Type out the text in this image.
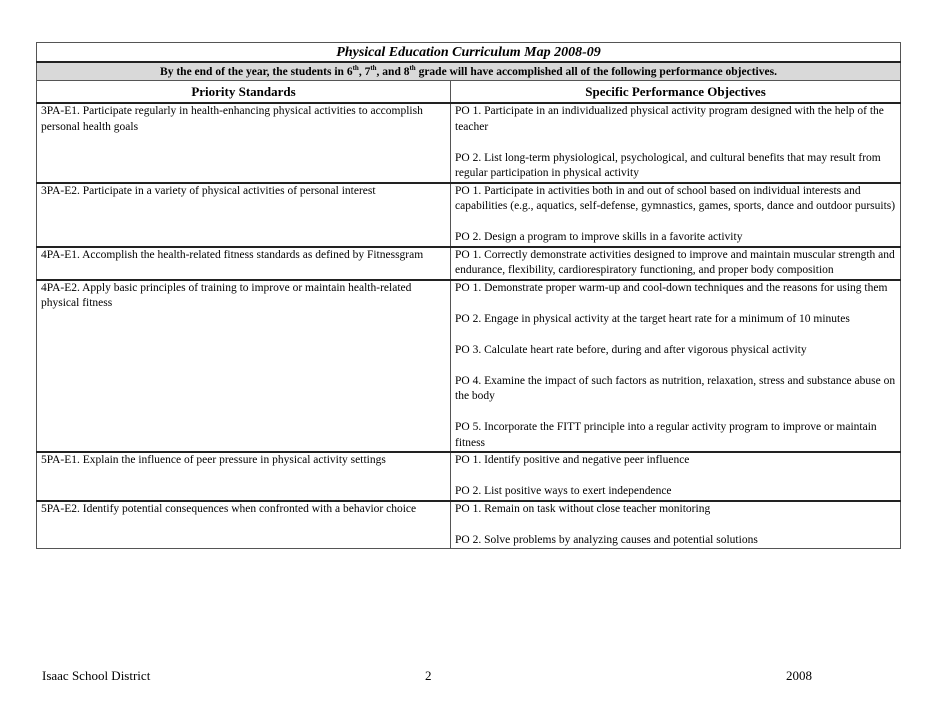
Physical Education Curriculum Map 2008-09	
By the end of the year, the students in 6th, 7th, and 8th grade will have accomplished all of the following performance objectives.	
Priority Standards	Specific Performance Objectives
3PA-E1. Participate regularly in health-enhancing physical activities to accomplish personal health goals	PO 1. Participate in an individualized physical activity program designed with the help of the teacher

PO 2. List long-term physiological, psychological, and cultural benefits that may result from regular participation in physical activity

3PA-E2. Participate in a variety of physical activities of personal interest	PO 1. Participate in activities both in and out of school based on individual interests and capabilities (e.g., aquatics, self-defense, gymnastics, games, sports, dance and outdoor pursuits)

PO 2. Design a program to improve skills in a favorite activity

4PA-E1. Accomplish the health-related fitness standards as defined by Fitnessgram	PO 1. Correctly demonstrate activities designed to improve and maintain muscular strength and endurance, flexibility, cardiorespiratory functioning, and proper body composition

4PA-E2. Apply basic principles of training to improve or maintain health-related physical fitness	PO 1. Demonstrate proper warm-up and cool-down techniques and the reasons for using them

PO 2. Engage in physical activity at the target heart rate for a minimum of 10 minutes

PO 3. Calculate heart rate before, during and after vigorous physical activity

PO 4. Examine the impact of such factors as nutrition, relaxation, stress and substance abuse on the body

PO 5. Incorporate the FITT principle into a regular activity program to improve or maintain fitness

5PA-E1. Explain the influence of peer pressure in physical activity settings	PO 1. Identify positive and negative peer influence

PO 2. List positive ways to exert independence

5PA-E2. Identify potential consequences when confronted with a behavior choice	PO 1. Remain on task without close teacher monitoring

PO 2. Solve problems by analyzing causes and potential solutions

Isaac School District	2	2008
